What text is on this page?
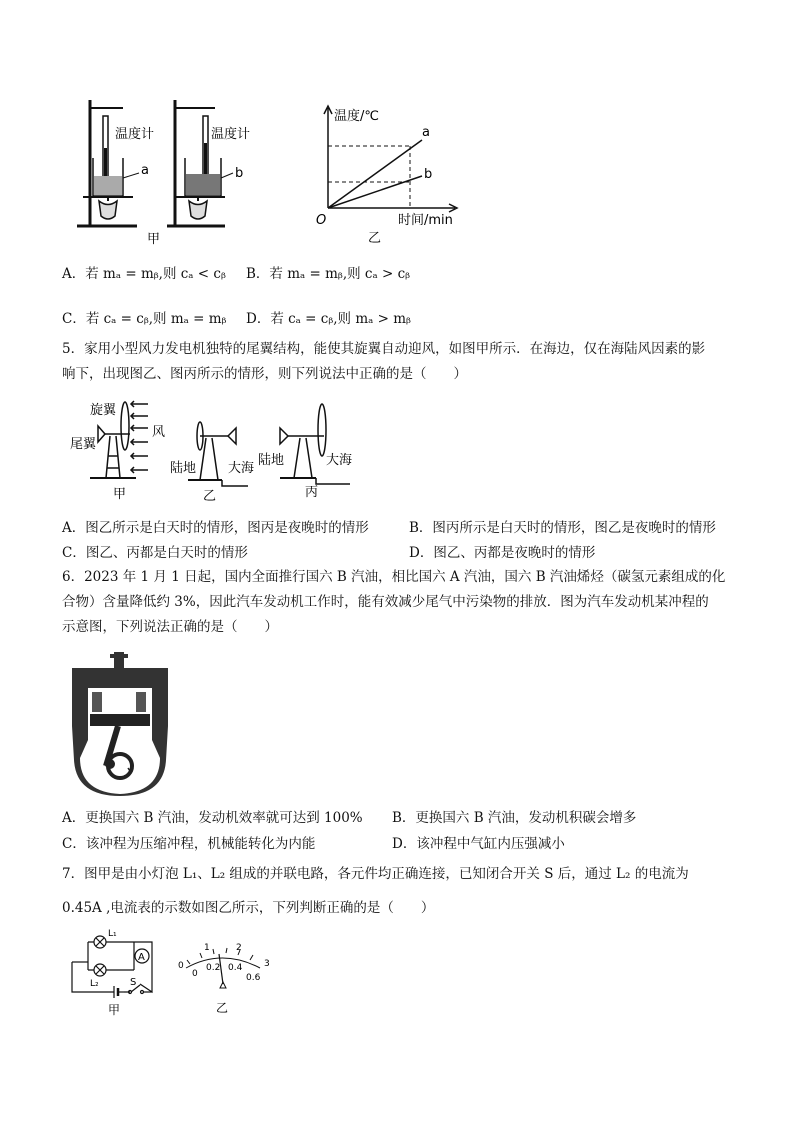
温度计	温度计
a	b
甲
温度/℃
时间/min
O
a
b
乙
A．若 mₐ = mᵦ,则 cₐ < cᵦ B．若 mₐ = mᵦ,则 cₐ > cᵦ
C．若 cₐ = cᵦ,则 mₐ = mᵦ D．若 cₐ = cᵦ,则 mₐ > mᵦ
5．家用小型风力发电机独特的尾翼结构，能使其旋翼自动迎风，如图甲所示．在海边，仅在海陆风因素的影
响下，出现图乙、图丙所示的情形，则下列说法中正确的是（　　）
旋翼
尾翼
风
陆地 大海
陆地	大海
甲	乙	丙
A．图乙所示是白天时的情形，图丙是夜晚时的情形	B．图丙所示是白天时的情形，图乙是夜晚时的情形
C．图乙、丙都是白天时的情形	D．图乙、丙都是夜晚时的情形
6．2023 年 1 月 1 日起，国内全面推行国六 B 汽油，相比国六 A 汽油，国六 B 汽油烯烃（碳氢元素组成的化
合物）含量降低约 3%，因此汽车发动机工作时，能有效减少尾气中污染物的排放．图为汽车发动机某冲程的
示意图，下列说法正确的是（　　）
A．更换国六 B 汽油，发动机效率就可达到 100% B．更换国六 B 汽油，发动机积碳会增多
C．该冲程为压缩冲程，机械能转化为内能	D．该冲程中气缸内压强减小
7．图甲是由小灯泡 L₁、L₂ 组成的并联电路，各元件均正确连接，已知闭合开关 S 后，通过 L₂ 的电流为
0.45A ,电流表的示数如图乙所示，下列判断正确的是（　　）
L₁
L₂
A
S
甲
0
1	2
3
0
0.2 0.4
0.6
乙
